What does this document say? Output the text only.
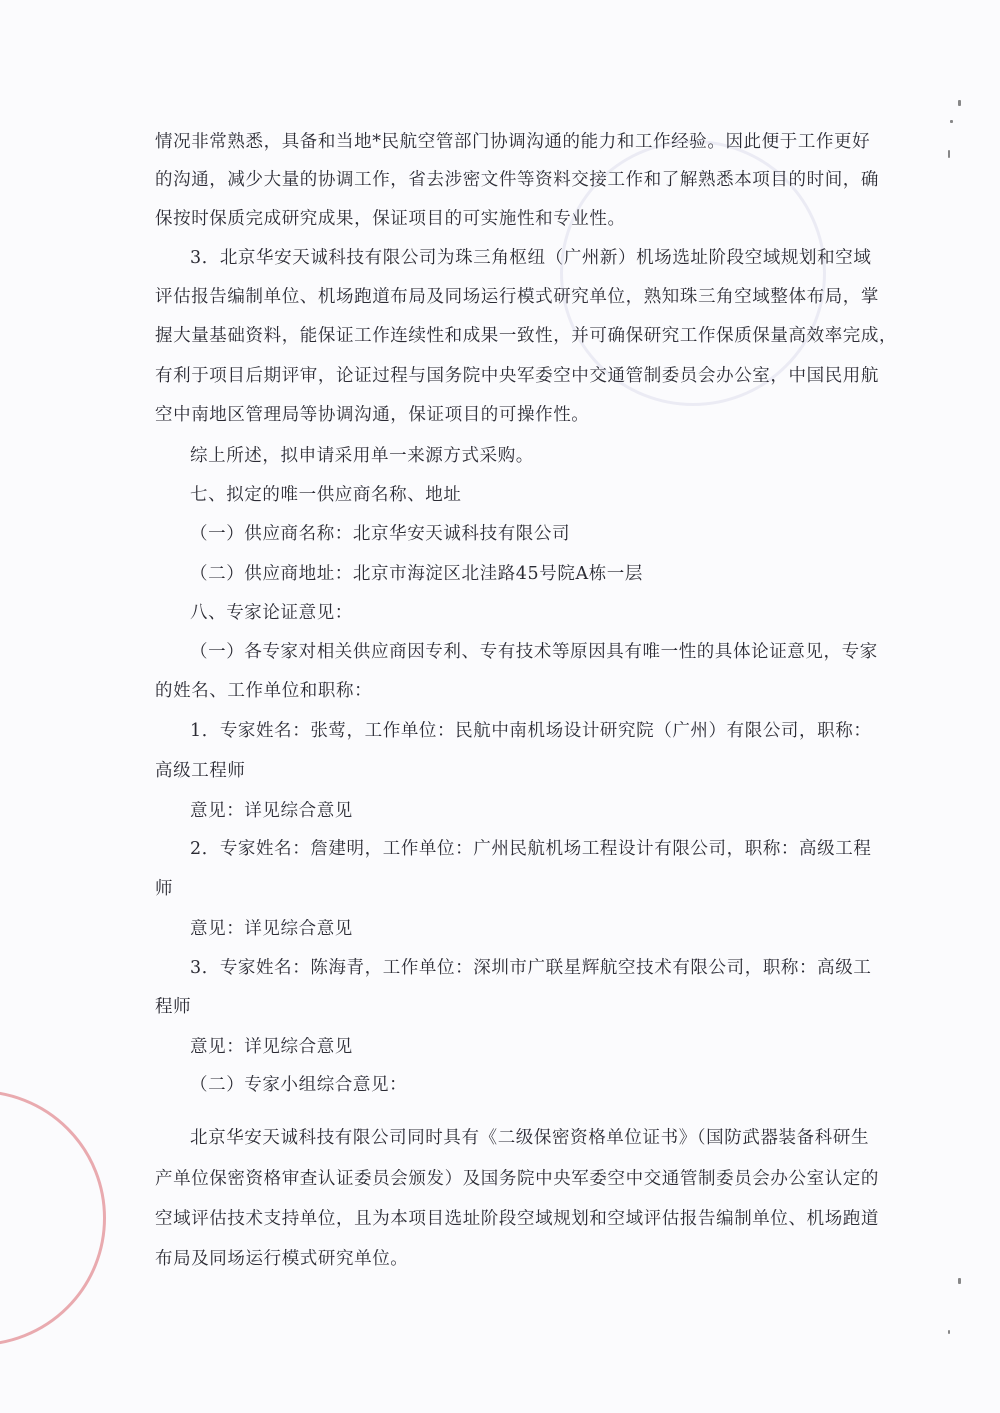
情况非常熟悉，具备和当地*民航空管部门协调沟通的能力和工作经验。因此便于工作更好
的沟通，减少大量的协调工作，省去涉密文件等资料交接工作和了解熟悉本项目的时间，确
保按时保质完成研究成果，保证项目的可实施性和专业性。
3．北京华安天诚科技有限公司为珠三角枢纽（广州新）机场选址阶段空域规划和空域
评估报告编制单位、机场跑道布局及同场运行模式研究单位，熟知珠三角空域整体布局，掌
握大量基础资料，能保证工作连续性和成果一致性，并可确保研究工作保质保量高效率完成，
有利于项目后期评审，论证过程与国务院中央军委空中交通管制委员会办公室，中国民用航
空中南地区管理局等协调沟通，保证项目的可操作性。
综上所述，拟申请采用单一来源方式采购。
七、拟定的唯一供应商名称、地址
（一）供应商名称：北京华安天诚科技有限公司
（二）供应商地址：北京市海淀区北洼路45号院A栋一层
八、专家论证意见：
（一）各专家对相关供应商因专利、专有技术等原因具有唯一性的具体论证意见，专家
的姓名、工作单位和职称：
1．专家姓名：张莺，工作单位：民航中南机场设计研究院（广州）有限公司，职称：
高级工程师
意见：详见综合意见
2．专家姓名：詹建明，工作单位：广州民航机场工程设计有限公司，职称：高级工程
师
意见：详见综合意见
3．专家姓名：陈海青，工作单位：深圳市广联星辉航空技术有限公司，职称：高级工
程师
意见：详见综合意见
（二）专家小组综合意见：
北京华安天诚科技有限公司同时具有《二级保密资格单位证书》（国防武器装备科研生
产单位保密资格审查认证委员会颁发）及国务院中央军委空中交通管制委员会办公室认定的
空域评估技术支持单位，且为本项目选址阶段空域规划和空域评估报告编制单位、机场跑道
布局及同场运行模式研究单位。
